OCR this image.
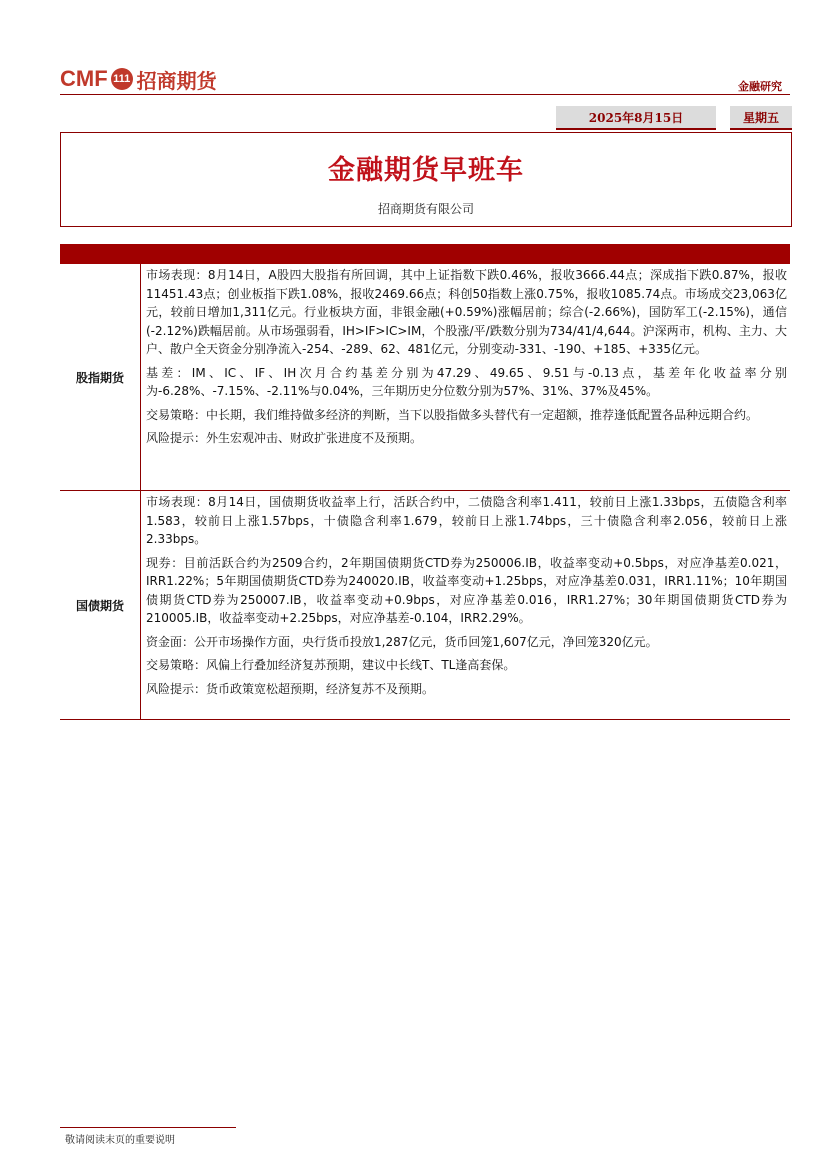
CMF 111 招商期货	金融研究
2025年8月15日	星期五
金融期货早班车
招商期货有限公司
股指期货

市场表现：8月14日，A股四大股指有所回调，其中上证指数下跌0.46%，报收3666.44点；深成指下跌0.87%，报收11451.43点；创业板指下跌1.08%，报收2469.66点；科创50指数上涨0.75%，报收1085.74点。市场成交23,063亿元，较前日增加1,311亿元。行业板块方面，非银金融(+0.59%)涨幅居前；综合(-2.66%)，国防军工(-2.15%)，通信(-2.12%)跌幅居前。从市场强弱看，IH>IF>IC>IM，个股涨/平/跌数分别为734/41/4,644。沪深两市，机构、主力、大户、散户全天资金分别净流入-254、-289、62、481亿元，分别变动-331、-190、+185、+335亿元。

基差：IM、IC、IF、IH次月合约基差分别为47.29、49.65、9.51与-0.13点，基差年化收益率分别为-6.28%、-7.15%、-2.11%与0.04%，三年期历史分位数分别为57%、31%、37%及45%。

交易策略：中长期，我们维持做多经济的判断，当下以股指做多头替代有一定超额，推荐逢低配置各品种远期合约。

风险提示：外生宏观冲击、财政扩张进度不及预期。

国债期货

市场表现：8月14日，国债期货收益率上行，活跃合约中，二债隐含利率1.411，较前日上涨1.33bps，五债隐含利率1.583，较前日上涨1.57bps，十债隐含利率1.679，较前日上涨1.74bps，三十债隐含利率2.056，较前日上涨2.33bps。

现券：目前活跃合约为2509合约，2年期国债期货CTD券为250006.IB，收益率变动+0.5bps，对应净基差0.021，IRR1.22%；5年期国债期货CTD券为240020.IB，收益率变动+1.25bps，对应净基差0.031，IRR1.11%；10年期国债期货CTD券为250007.IB，收益率变动+0.9bps，对应净基差0.016，IRR1.27%；30年期国债期货CTD券为210005.IB，收益率变动+2.25bps，对应净基差-0.104，IRR2.29%。

资金面：公开市场操作方面，央行货币投放1,287亿元，货币回笼1,607亿元，净回笼320亿元。

交易策略：风偏上行叠加经济复苏预期，建议中长线T、TL逢高套保。

风险提示：货币政策宽松超预期，经济复苏不及预期。

敬请阅读末页的重要说明
